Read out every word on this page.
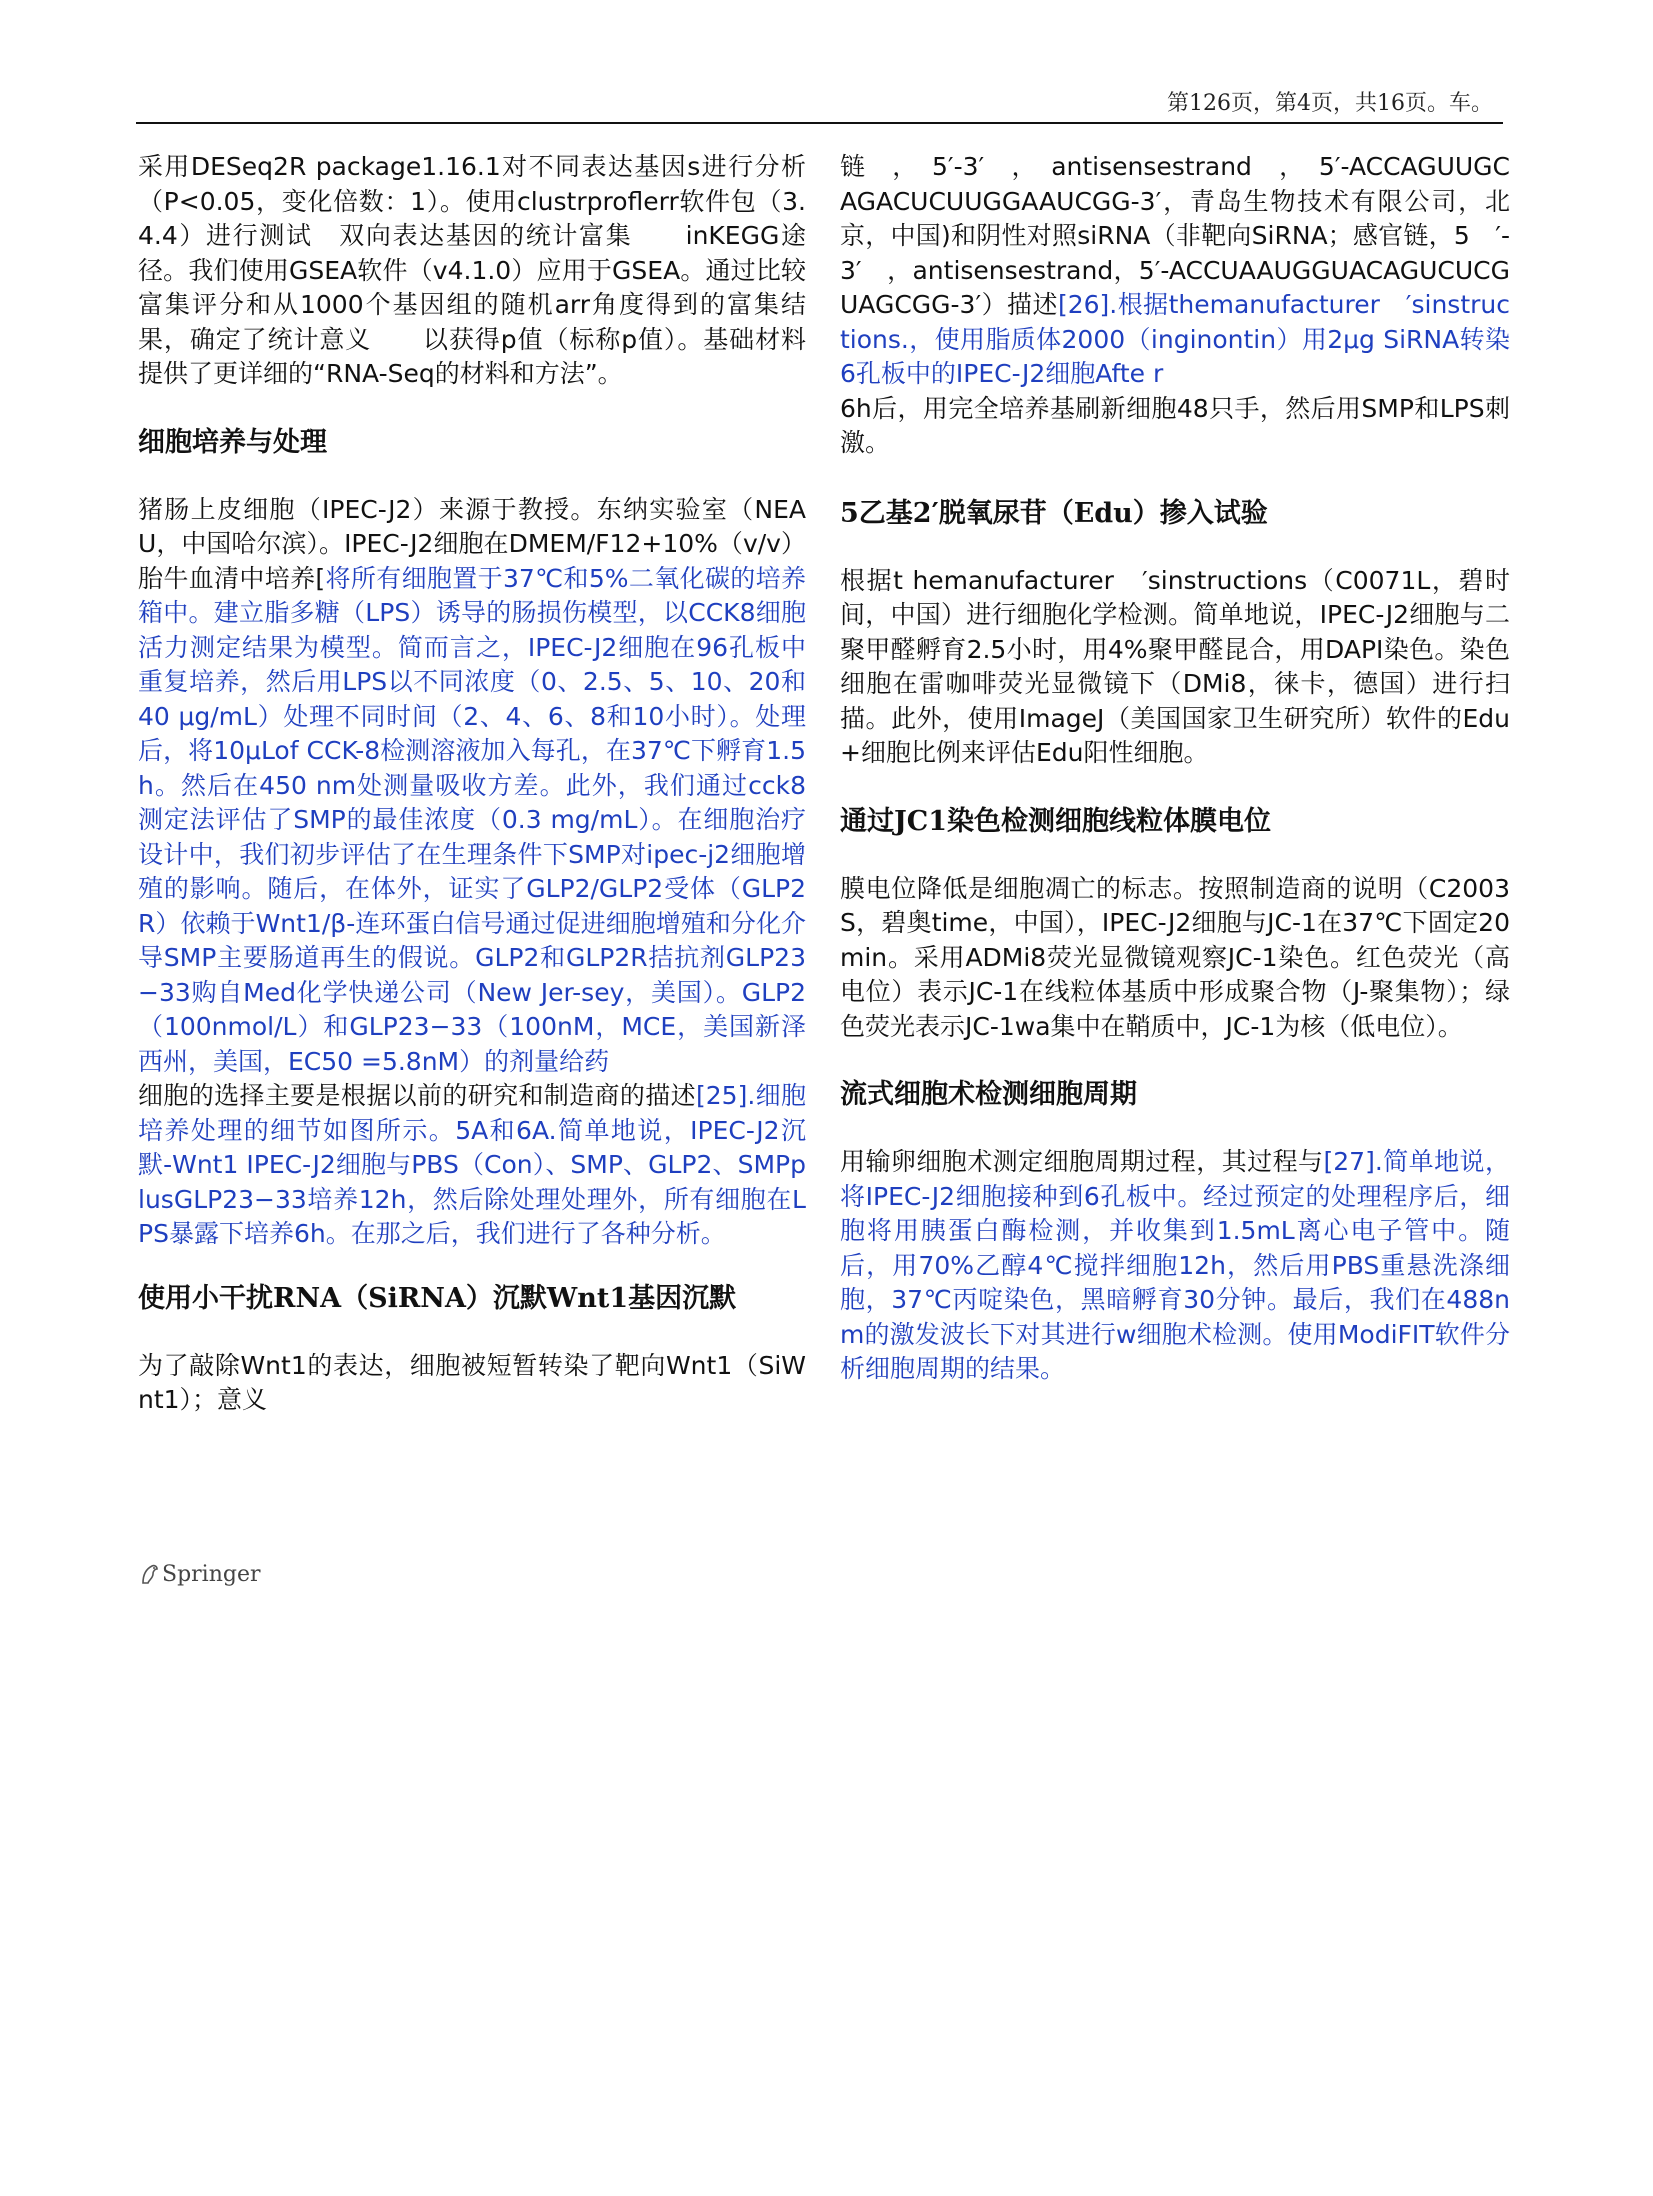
第126页，第4页，共16页。车。

采用DESeq2R package1.16.1对不同表达基因s进行分析（P<0.05，变化倍数：1）。使用clustrproflerr软件包（3.4.4）进行测试　双向表达基因的统计富集　　inKEGG途径。我们使用GSEA软件（v4.1.0）应用于GSEA。通过比较富集评分和从1000个基因组的随机arr角度得到的富集结果，确定了统计意义　　以获得p值（标称p值）。基础材料提供了更详细的“RNA-Seq的材料和方法”。

细胞培养与处理

猪肠上皮细胞（IPEC-J2）来源于教授。东纳实验室（NEAU，中国哈尔滨）。IPEC-J2细胞在DMEM/F12+10%（v/v）胎牛血清中培养[将所有细胞置于37℃和5%二氧化碳的培养箱中。建立脂多糖（LPS）诱导的肠损伤模型，以CCK8细胞活力测定结果为模型。简而言之，IPEC-J2细胞在96孔板中重复培养，然后用LPS以不同浓度（0、2.5、5、10、20和40 μg/mL）处理不同时间（2、4、6、8和10小时）。处理后，将10μLof CCK-8检测溶液加入每孔，在37℃下孵育1.5h。然后在450 nm处测量吸收方差。此外，我们通过cck8测定法评估了SMP的最佳浓度（0.3 mg/mL）。在细胞治疗设计中，我们初步评估了在生理条件下SMP对ipec-j2细胞增殖的影响。随后，在体外，证实了GLP2/GLP2受体（GLP2R）依赖于Wnt1/β-连环蛋白信号通过促进细胞增殖和分化介导SMP主要肠道再生的假说。GLP2和GLP2R拮抗剂GLP23−33购自Med化学快递公司（New Jer-sey，美国）。GLP2（100nmol/L）和GLP23−33（100nM，MCE，美国新泽西州，美国，EC50 =5.8nM）的剂量给药

细胞的选择主要是根据以前的研究和制造商的描述[25].细胞培养处理的细节如图所示。5A和6A.简单地说，IPEC-J2沉默-Wnt1 IPEC-J2细胞与PBS（Con）、SMP、GLP2、SMPplusGLP23−33培养12h，然后除处理处理外，所有细胞在LPS暴露下培养6h。在那之后，我们进行了各种分析。

使用小干扰RNA（SiRNA）沉默Wnt1基因沉默

为了敲除Wnt1的表达，细胞被短暂转染了靶向Wnt1（SiWnt1）；意义

链　，　5′-3′　，　antisensestrand　，　5′-ACCAGUUGCAGACUCUUGGAAUCGG-3′，青岛生物技术有限公司，北京，中国)和阴性对照siRNA（非靶向SiRNA；感官链，5　′-3′　，antisensestrand，5′-ACCUAAUGGUACAGUCUCGUAGCGG-3′）描述[26].根据themanufacturer　′sinstructions.，使用脂质体2000（inginontin）用2μg SiRNA转染6孔板中的IPEC-J2细胞Afte r

6h后，用完全培养基刷新细胞48只手，然后用SMP和LPS刺激。

5乙基2′脱氧尿苷（Edu）掺入试验

根据t hemanufacturer　′sinstructions（C0071L，碧时间，中国）进行细胞化学检测。简单地说，IPEC-J2细胞与二聚甲醛孵育2.5小时，用4%聚甲醛昆合，用DAPI染色。染色细胞在雷咖啡荧光显微镜下（DMi8，徕卡，德国）进行扫描。此外，使用ImageJ（美国国家卫生研究所）软件的Edu+细胞比例来评估Edu阳性细胞。

通过JC1染色检测细胞线粒体膜电位

膜电位降低是细胞凋亡的标志。按照制造商的说明（C2003S，碧奥time，中国），IPEC-J2细胞与JC-1在37℃下固定20 min。采用ADMi8荧光显微镜观察JC-1染色。红色荧光（高电位）表示JC-1在线粒体基质中形成聚合物（J-聚集物）；绿色荧光表示JC-1wa集中在鞘质中，JC-1为核（低电位）。

流式细胞术检测细胞周期

用输卵细胞术测定细胞周期过程，其过程与[27].简单地说，将IPEC-J2细胞接种到6孔板中。经过预定的处理程序后，细胞将用胰蛋白酶检测，并收集到1.5mL离心电子管中。随后，用70%乙醇4℃搅拌细胞12h，然后用PBS重悬洗涤细胞，37℃丙啶染色，黑暗孵育30分钟。最后，我们在488nm的激发波长下对其进行w细胞术检测。使用ModiFIT软件分析细胞周期的结果。

Springer
